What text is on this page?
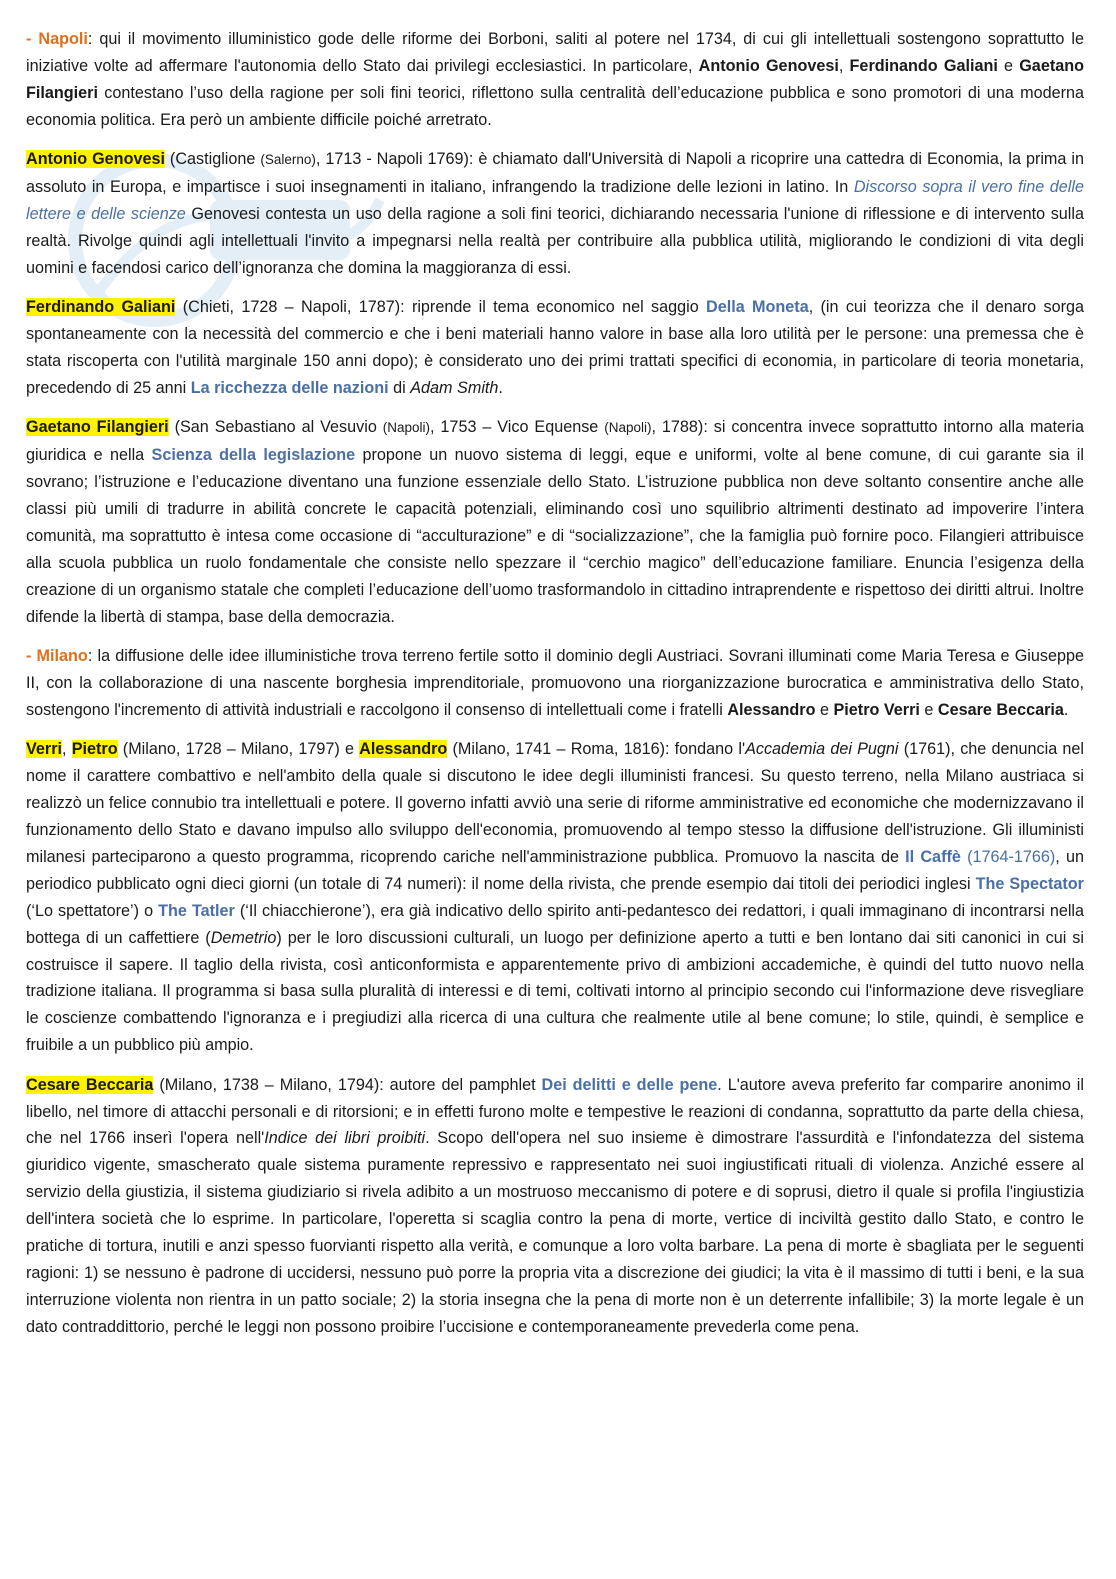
- Napoli: qui il movimento illuministico gode delle riforme dei Borboni, saliti al potere nel 1734, di cui gli intellettuali sostengono soprattutto le iniziative volte ad affermare l'autonomia dello Stato dai privilegi ecclesiastici. In particolare, Antonio Genovesi, Ferdinando Galiani e Gaetano Filangieri contestano l’uso della ragione per soli fini teorici, riflettono sulla centralità dell’educazione pubblica e sono promotori di una moderna economia politica. Era però un ambiente difficile poiché arretrato.

Antonio Genovesi (Castiglione (Salerno), 1713 - Napoli 1769): è chiamato dall'Università di Napoli a ricoprire una cattedra di Economia, la prima in assoluto in Europa, e impartisce i suoi insegnamenti in italiano, infrangendo la tradizione delle lezioni in latino. In Discorso sopra il vero fine delle lettere e delle scienze Genovesi contesta un uso della ragione a soli fini teorici, dichiarando necessaria l'unione di riflessione e di intervento sulla realtà. Rivolge quindi agli intellettuali l'invito a impegnarsi nella realtà per contribuire alla pubblica utilità, migliorando le condizioni di vita degli uomini e facendosi carico dell’ignoranza che domina la maggioranza di essi.

Ferdinando Galiani (Chieti, 1728 – Napoli, 1787): riprende il tema economico nel saggio Della Moneta, (in cui teorizza che il denaro sorga spontaneamente con la necessità del commercio e che i beni materiali hanno valore in base alla loro utilità per le persone: una premessa che è stata riscoperta con l'utilità marginale 150 anni dopo); è considerato uno dei primi trattati specifici di economia, in particolare di teoria monetaria, precedendo di 25 anni La ricchezza delle nazioni di Adam Smith.

Gaetano Filangieri (San Sebastiano al Vesuvio (Napoli), 1753 – Vico Equense (Napoli), 1788): si concentra invece soprattutto intorno alla materia giuridica e nella Scienza della legislazione propone un nuovo sistema di leggi, eque e uniformi, volte al bene comune, di cui garante sia il sovrano; l’istruzione e l’educazione diventano una funzione essenziale dello Stato. L’istruzione pubblica non deve soltanto consentire anche alle classi più umili di tradurre in abilità concrete le capacità potenziali, eliminando così uno squilibrio altrimenti destinato ad impoverire l’intera comunità, ma soprattutto è intesa come occasione di “acculturazione” e di “socializzazione”, che la famiglia può fornire poco. Filangieri attribuisce alla scuola pubblica un ruolo fondamentale che consiste nello spezzare il “cerchio magico” dell’educazione familiare. Enuncia l’esigenza della creazione di un organismo statale che completi l’educazione dell’uomo trasformandolo in cittadino intraprendente e rispettoso dei diritti altrui. Inoltre difende la libertà di stampa, base della democrazia.

- Milano: la diffusione delle idee illuministiche trova terreno fertile sotto il dominio degli Austriaci. Sovrani illuminati come Maria Teresa e Giuseppe II, con la collaborazione di una nascente borghesia imprenditoriale, promuovono una riorganizzazione burocratica e amministrativa dello Stato, sostengono l'incremento di attività industriali e raccolgono il consenso di intellettuali come i fratelli Alessandro e Pietro Verri e Cesare Beccaria.

Verri, Pietro (Milano, 1728 – Milano, 1797) e Alessandro (Milano, 1741 – Roma, 1816): fondano l'Accademia dei Pugni (1761), che denuncia nel nome il carattere combattivo e nell'ambito della quale si discutono le idee degli illuministi francesi. Su questo terreno, nella Milano austriaca si realizzò un felice connubio tra intellettuali e potere. Il governo infatti avviò una serie di riforme amministrative ed economiche che modernizzavano il funzionamento dello Stato e davano impulso allo sviluppo dell'economia, promuovendo al tempo stesso la diffusione dell'istruzione. Gli illuministi milanesi parteciparono a questo programma, ricoprendo cariche nell'amministrazione pubblica. Promuovo la nascita de Il Caffè (1764-1766), un periodico pubblicato ogni dieci giorni (un totale di 74 numeri): il nome della rivista, che prende esempio dai titoli dei periodici inglesi The Spectator (‘Lo spettatore’) o The Tatler (‘Il chiacchierone’), era già indicativo dello spirito anti-pedantesco dei redattori, i quali immaginano di incontrarsi nella bottega di un caffettiere (Demetrio) per le loro discussioni culturali, un luogo per definizione aperto a tutti e ben lontano dai siti canonici in cui si costruisce il sapere. Il taglio della rivista, così anticonformista e apparentemente privo di ambizioni accademiche, è quindi del tutto nuovo nella tradizione italiana. Il programma si basa sulla pluralità di interessi e di temi, coltivati intorno al principio secondo cui l'informazione deve risvegliare le coscienze combattendo l'ignoranza e i pregiudizi alla ricerca di una cultura che realmente utile al bene comune; lo stile, quindi, è semplice e fruibile a un pubblico più ampio.

Cesare Beccaria (Milano, 1738 – Milano, 1794): autore del pamphlet Dei delitti e delle pene. L'autore aveva preferito far comparire anonimo il libello, nel timore di attacchi personali e di ritorsioni; e in effetti furono molte e tempestive le reazioni di condanna, soprattutto da parte della chiesa, che nel 1766 inserì l'opera nell'Indice dei libri proibiti. Scopo dell'opera nel suo insieme è dimostrare l'assurdità e l'infondatezza del sistema giuridico vigente, smascherato quale sistema puramente repressivo e rappresentato nei suoi ingiustificati rituali di violenza. Anziché essere al servizio della giustizia, il sistema giudiziario si rivela adibito a un mostruoso meccanismo di potere e di soprusi, dietro il quale si profila l'ingiustizia dell'intera società che lo esprime. In particolare, l'operetta si scaglia contro la pena di morte, vertice di inciviltà gestito dallo Stato, e contro le pratiche di tortura, inutili e anzi spesso fuorvianti rispetto alla verità, e comunque a loro volta barbare. La pena di morte è sbagliata per le seguenti ragioni: 1) se nessuno è padrone di uccidersi, nessuno può porre la propria vita a discrezione dei giudici; la vita è il massimo di tutti i beni, e la sua interruzione violenta non rientra in un patto sociale; 2) la storia insegna che la pena di morte non è un deterrente infallibile; 3) la morte legale è un dato contraddittorio, perché le leggi non possono proibire l’uccisione e contemporaneamente prevederla come pena.
